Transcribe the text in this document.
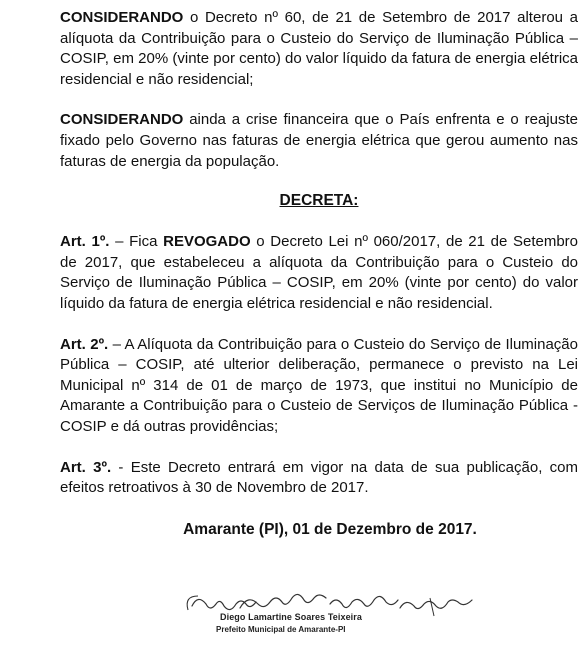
CONSIDERANDO o Decreto nº 60, de 21 de Setembro de 2017 alterou a alíquota da Contribuição para o Custeio do Serviço de Iluminação Pública – COSIP, em 20% (vinte por cento) do valor líquido da fatura de energia elétrica residencial e não residencial;

CONSIDERANDO ainda a crise financeira que o País enfrenta e o reajuste fixado pelo Governo nas faturas de energia elétrica que gerou aumento nas faturas de energia da população.

DECRETA:

Art. 1º. – Fica REVOGADO o Decreto Lei nº 060/2017, de 21 de Setembro de 2017, que estabeleceu a alíquota da Contribuição para o Custeio do Serviço de Iluminação Pública – COSIP, em 20% (vinte por cento) do valor líquido da fatura de energia elétrica residencial e não residencial.

Art. 2º. – A Alíquota da Contribuição para o Custeio do Serviço de Iluminação Pública – COSIP, até ulterior deliberação, permanece o previsto na Lei Municipal nº 314 de 01 de março de 1973, que institui no Município de Amarante a Contribuição para o Custeio de Serviços de Iluminação Pública - COSIP e dá outras providências;

Art. 3º. - Este Decreto entrará em vigor na data de sua publicação, com efeitos retroativos à 30 de Novembro de 2017.

Amarante (PI), 01 de Dezembro de 2017.
Diego Lamartine Soares Teixeira
Prefeito Municipal de Amarante-PI
